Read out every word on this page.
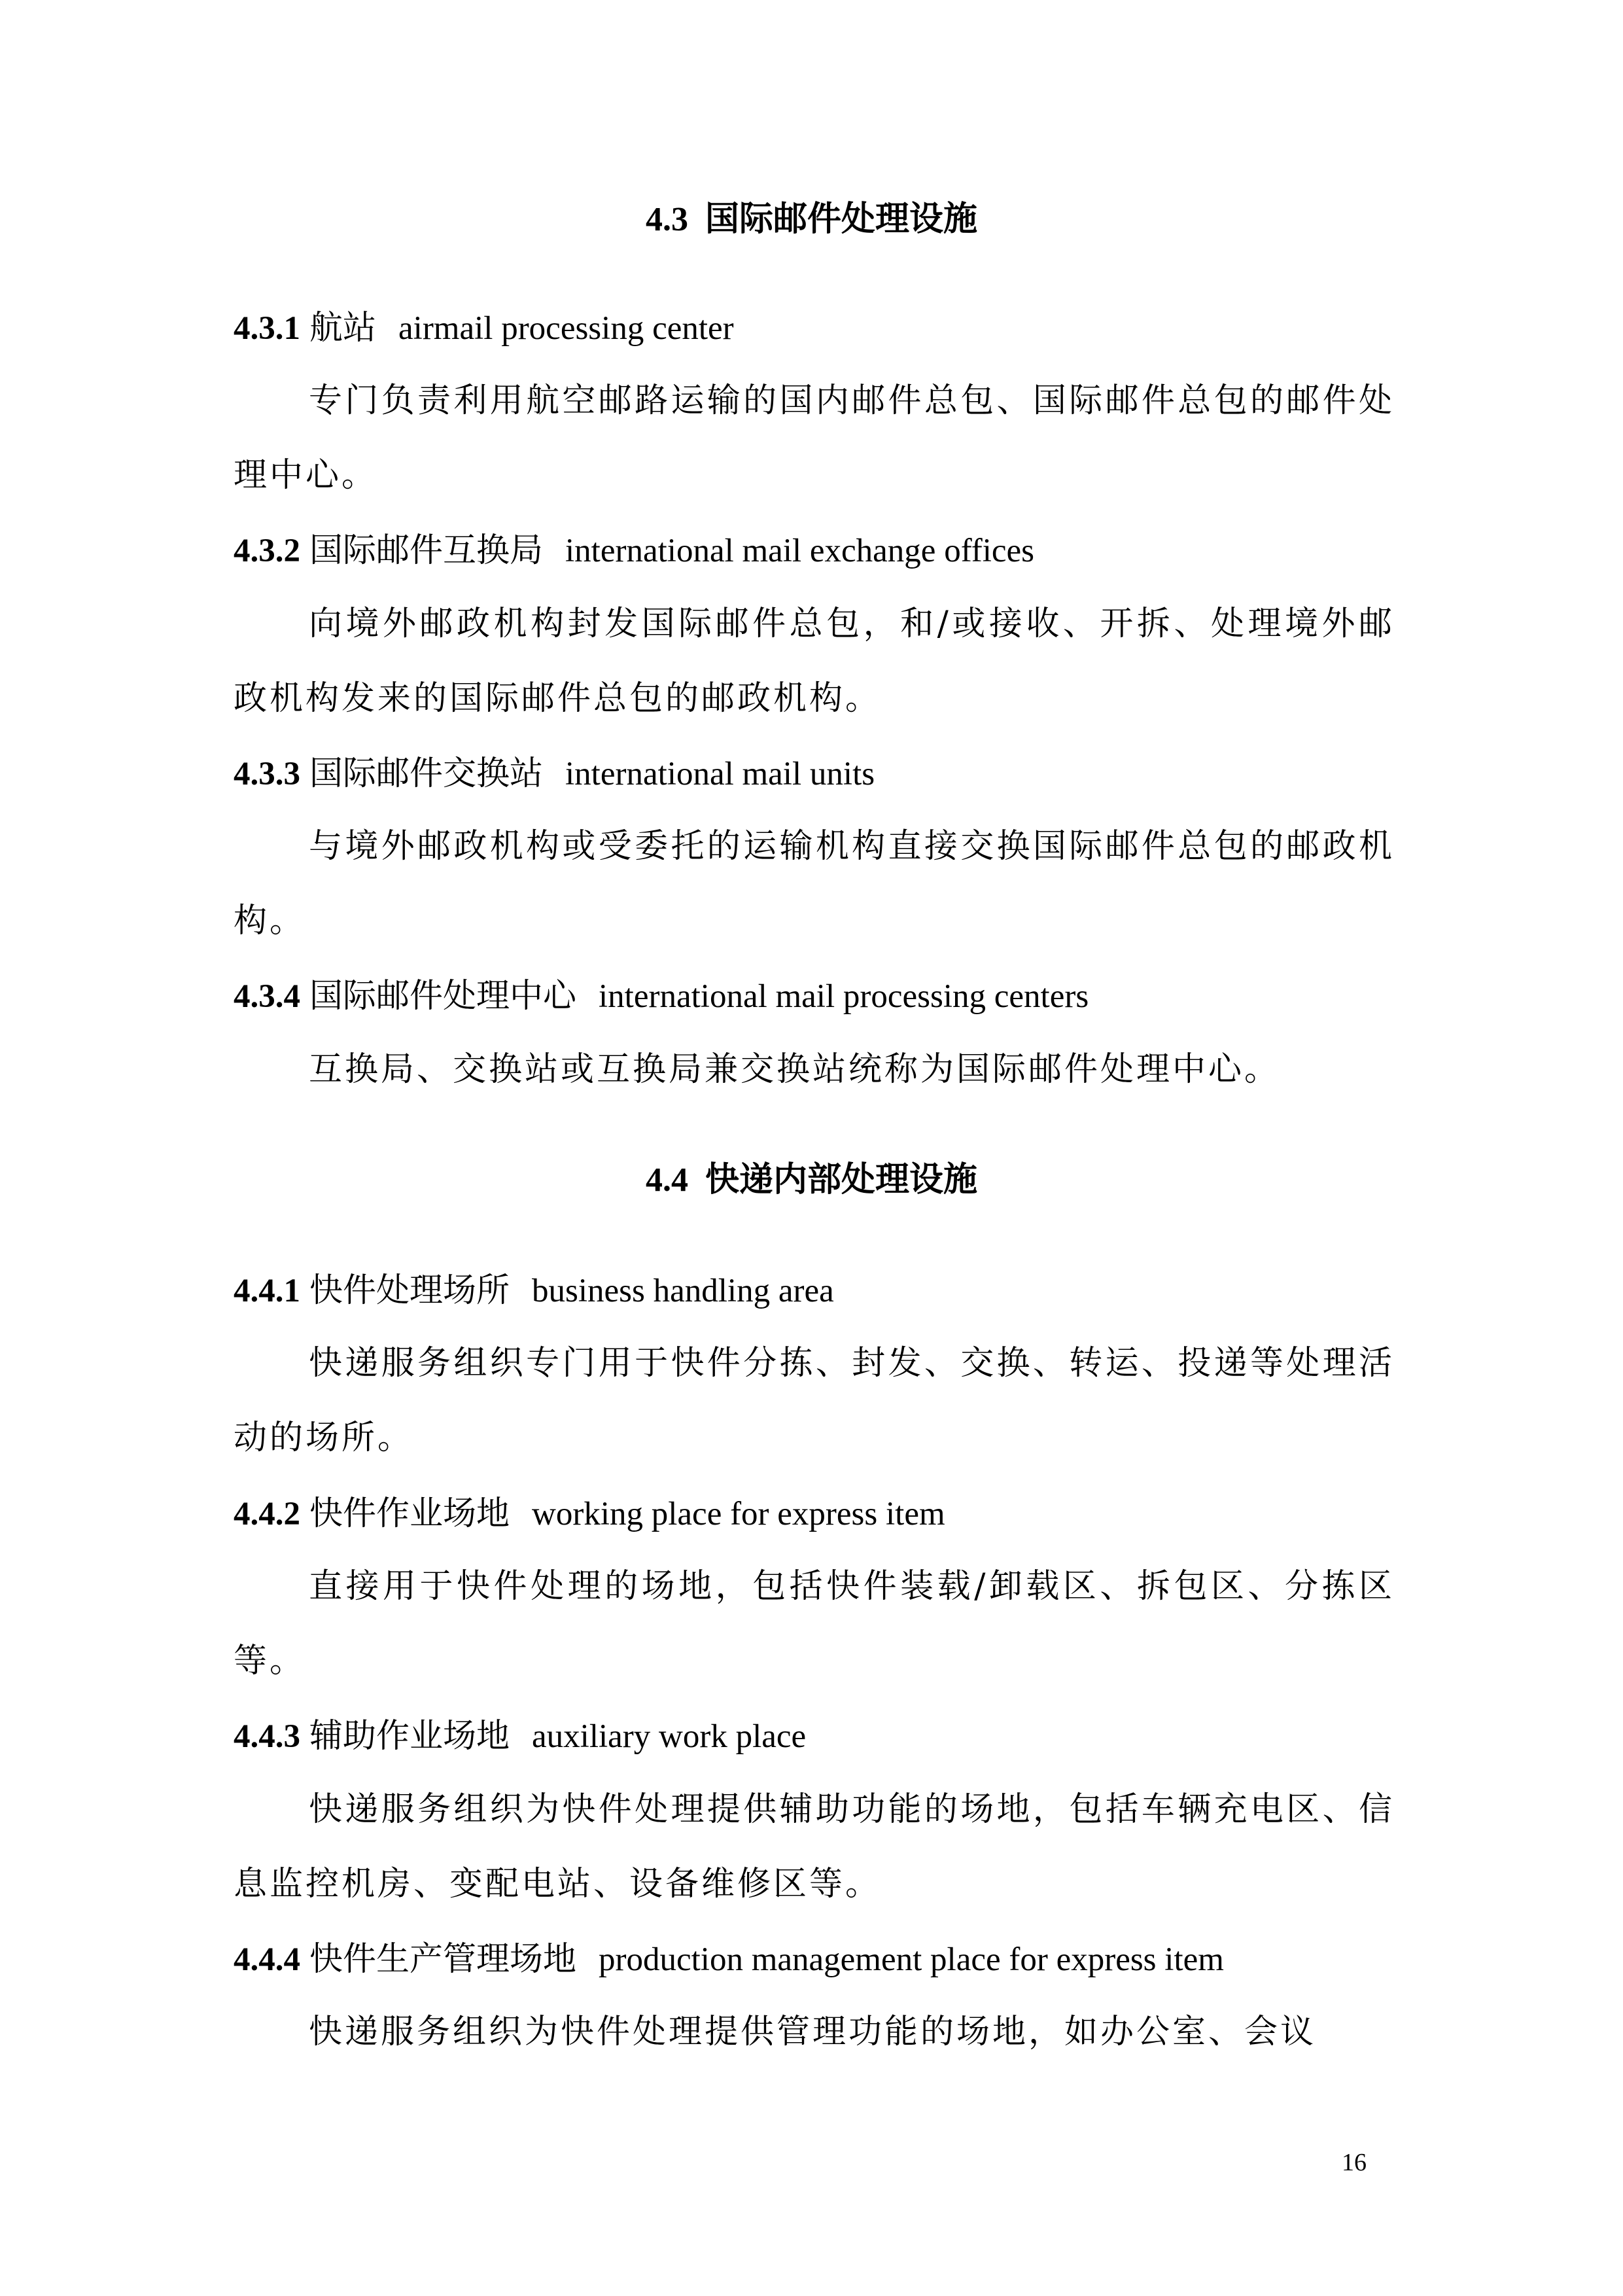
4.3 国际邮件处理设施
4.3.1 航站 airmail processing center

专门负责利用航空邮路运输的国内邮件总包、国际邮件总包的邮件处理中心。

4.3.2 国际邮件互换局 international mail exchange offices

向境外邮政机构封发国际邮件总包，和/或接收、开拆、处理境外邮政机构发来的国际邮件总包的邮政机构。

4.3.3 国际邮件交换站 international mail units

与境外邮政机构或受委托的运输机构直接交换国际邮件总包的邮政机构。

4.3.4 国际邮件处理中心 international mail processing centers

互换局、交换站或互换局兼交换站统称为国际邮件处理中心。

4.4 快递内部处理设施
4.4.1 快件处理场所 business handling area

快递服务组织专门用于快件分拣、封发、交换、转运、投递等处理活动的场所。

4.4.2 快件作业场地 working place for express item

直接用于快件处理的场地，包括快件装载/卸载区、拆包区、分拣区等。

4.4.3 辅助作业场地 auxiliary work place

快递服务组织为快件处理提供辅助功能的场地，包括车辆充电区、信息监控机房、变配电站、设备维修区等。

4.4.4 快件生产管理场地 production management place for express item

快递服务组织为快件处理提供管理功能的场地，如办公室、会议

16
